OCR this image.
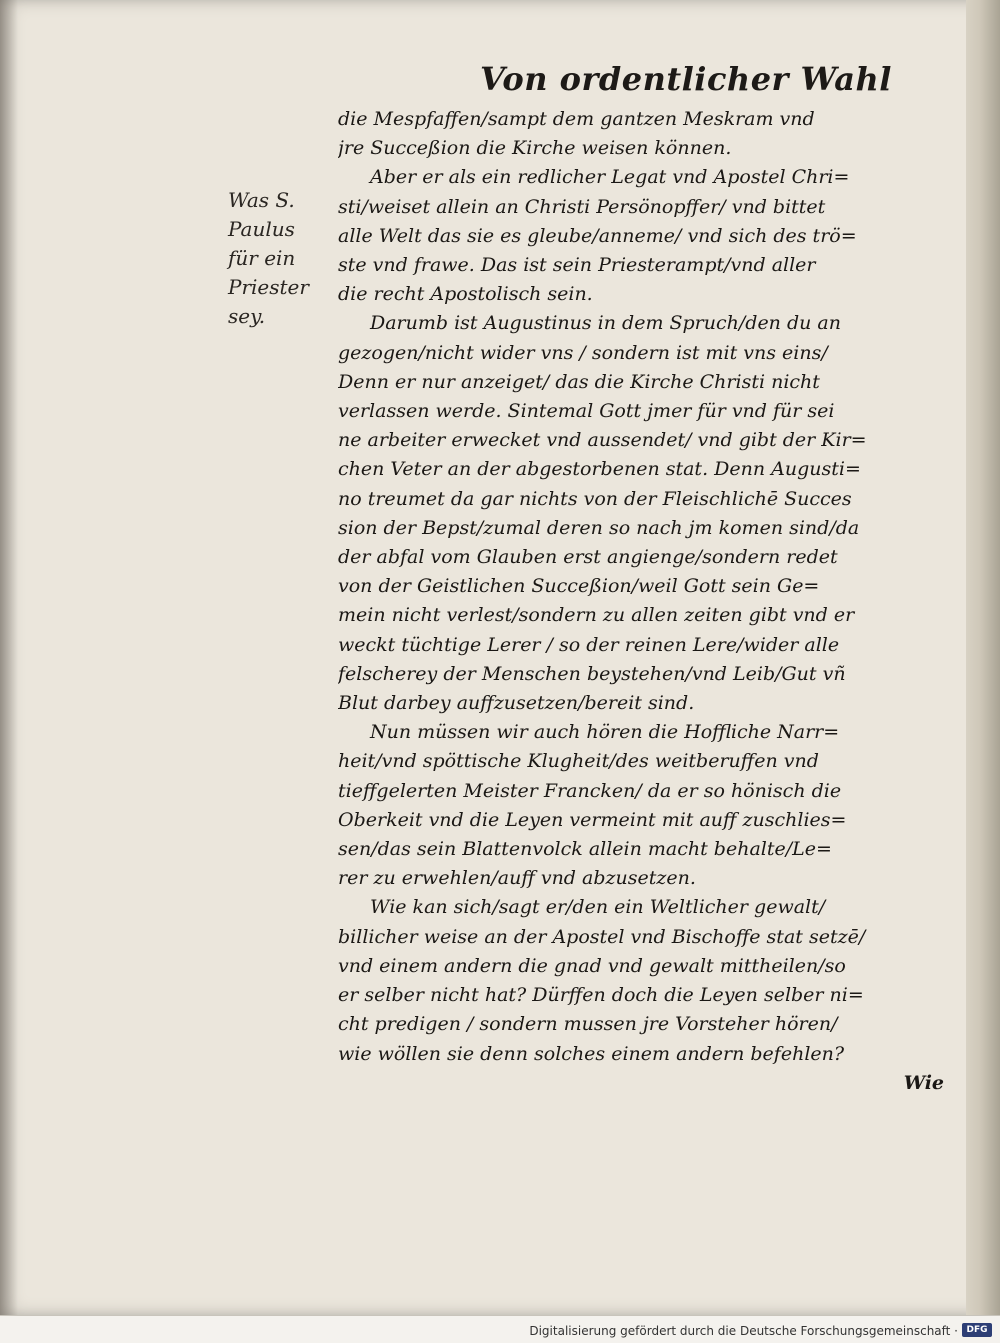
Von ordentlicher Wahl
Was S.
Paulus
für ein
Priester
sey.
die Mespfaffen/sampt dem gantzen Meskram vnd
jre Succeßion die Kirche weisen können.
Aber er als ein redlicher Legat vnd Apostel Chri=
sti/weiset allein an Christi Persönopffer/ vnd bittet
alle Welt das sie es gleube/anneme/ vnd sich des trö=
ste vnd frawe. Das ist sein Priesterampt/vnd aller
die recht Apostolisch sein.
Darumb ist Augustinus in dem Spruch/den du an
gezogen/nicht wider vns / sondern ist mit vns eins/
Denn er nur anzeiget/ das die Kirche Christi nicht
verlassen werde. Sintemal Gott jmer für vnd für sei
ne arbeiter erwecket vnd aussendet/ vnd gibt der Kir=
chen Veter an der abgestorbenen stat. Denn Augusti=
no treumet da gar nichts von der Fleischlichē Succes
sion der Bepst/zumal deren so nach jm komen sind/da
der abfal vom Glauben erst angienge/sondern redet
von der Geistlichen Succeßion/weil Gott sein Ge=
mein nicht verlest/sondern zu allen zeiten gibt vnd er
weckt tüchtige Lerer / so der reinen Lere/wider alle
felscherey der Menschen beystehen/vnd Leib/Gut vñ
Blut darbey auffzusetzen/bereit sind.
Nun müssen wir auch hören die Hoffliche Narr=
heit/vnd spöttische Klugheit/des weitberuffen vnd
tieffgelerten Meister Francken/ da er so hönisch die
Oberkeit vnd die Leyen vermeint mit auff zuschlies=
sen/das sein Blattenvolck allein macht behalte/Le=
rer zu erwehlen/auff vnd abzusetzen.
Wie kan sich/sagt er/den ein Weltlicher gewalt/
billicher weise an der Apostel vnd Bischoffe stat setzē/
vnd einem andern die gnad vnd gewalt mittheilen/so
er selber nicht hat? Dürffen doch die Leyen selber ni=
cht predigen / sondern mussen jre Vorsteher hören/
wie wöllen sie denn solches einem andern befehlen?
Wie
Digitalisierung gefördert durch die Deutsche Forschungsgemeinschaft · DFG
